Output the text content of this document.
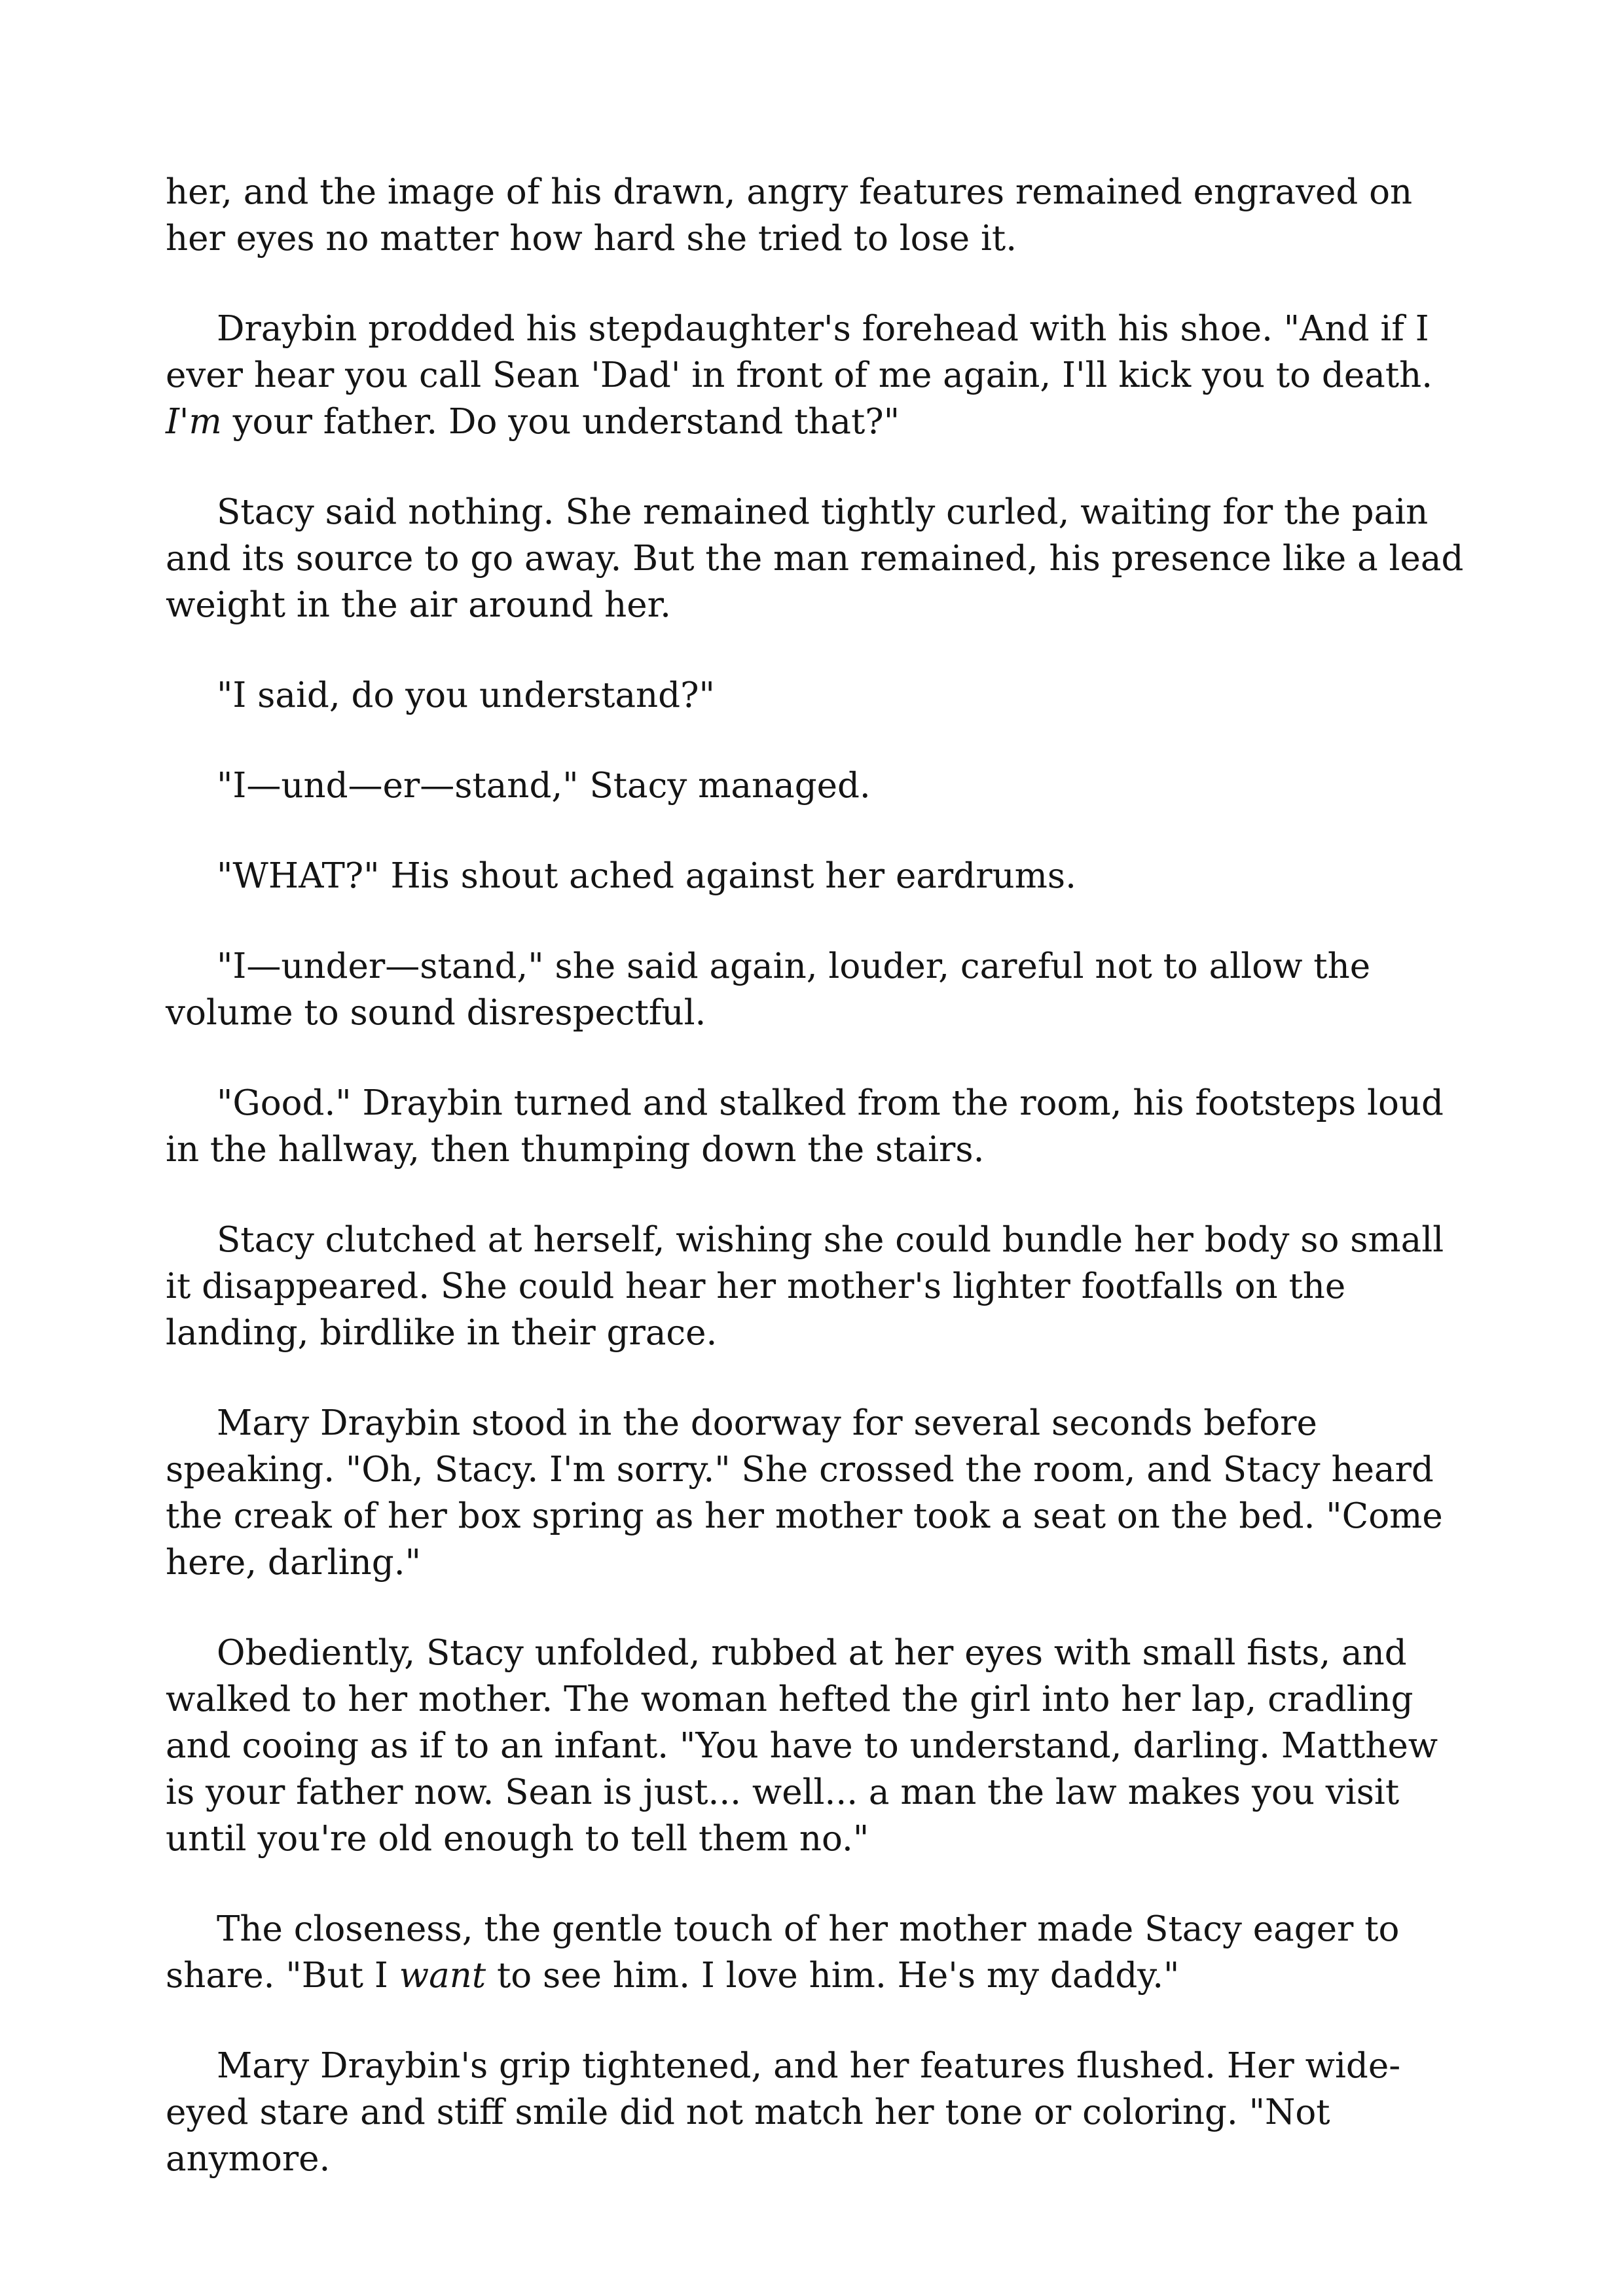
her, and the image of his drawn, angry features remained engraved on her eyes no matter how hard she tried to lose it.

Draybin prodded his stepdaughter's forehead with his shoe. "And if I ever hear you call Sean 'Dad' in front of me again, I'll kick you to death. I'm your father. Do you understand that?"

Stacy said nothing. She remained tightly curled, waiting for the pain and its source to go away. But the man remained, his presence like a lead weight in the air around her.

"I said, do you understand?"

"I—und—er—stand," Stacy managed.

"WHAT?" His shout ached against her eardrums.

"I—under—stand," she said again, louder, careful not to allow the volume to sound disrespectful.

"Good." Draybin turned and stalked from the room, his footsteps loud in the hallway, then thumping down the stairs.

Stacy clutched at herself, wishing she could bundle her body so small it disappeared. She could hear her mother's lighter footfalls on the landing, birdlike in their grace.

Mary Draybin stood in the doorway for several seconds before speaking. "Oh, Stacy. I'm sorry." She crossed the room, and Stacy heard the creak of her box spring as her mother took a seat on the bed. "Come here, darling."

Obediently, Stacy unfolded, rubbed at her eyes with small fists, and walked to her mother. The woman hefted the girl into her lap, cradling and cooing as if to an infant. "You have to understand, darling. Matthew is your father now. Sean is just... well... a man the law makes you visit until you're old enough to tell them no."

The closeness, the gentle touch of her mother made Stacy eager to share. "But I want to see him. I love him. He's my daddy."

Mary Draybin's grip tightened, and her features flushed. Her wide-eyed stare and stiff smile did not match her tone or coloring. "Not anymore.
